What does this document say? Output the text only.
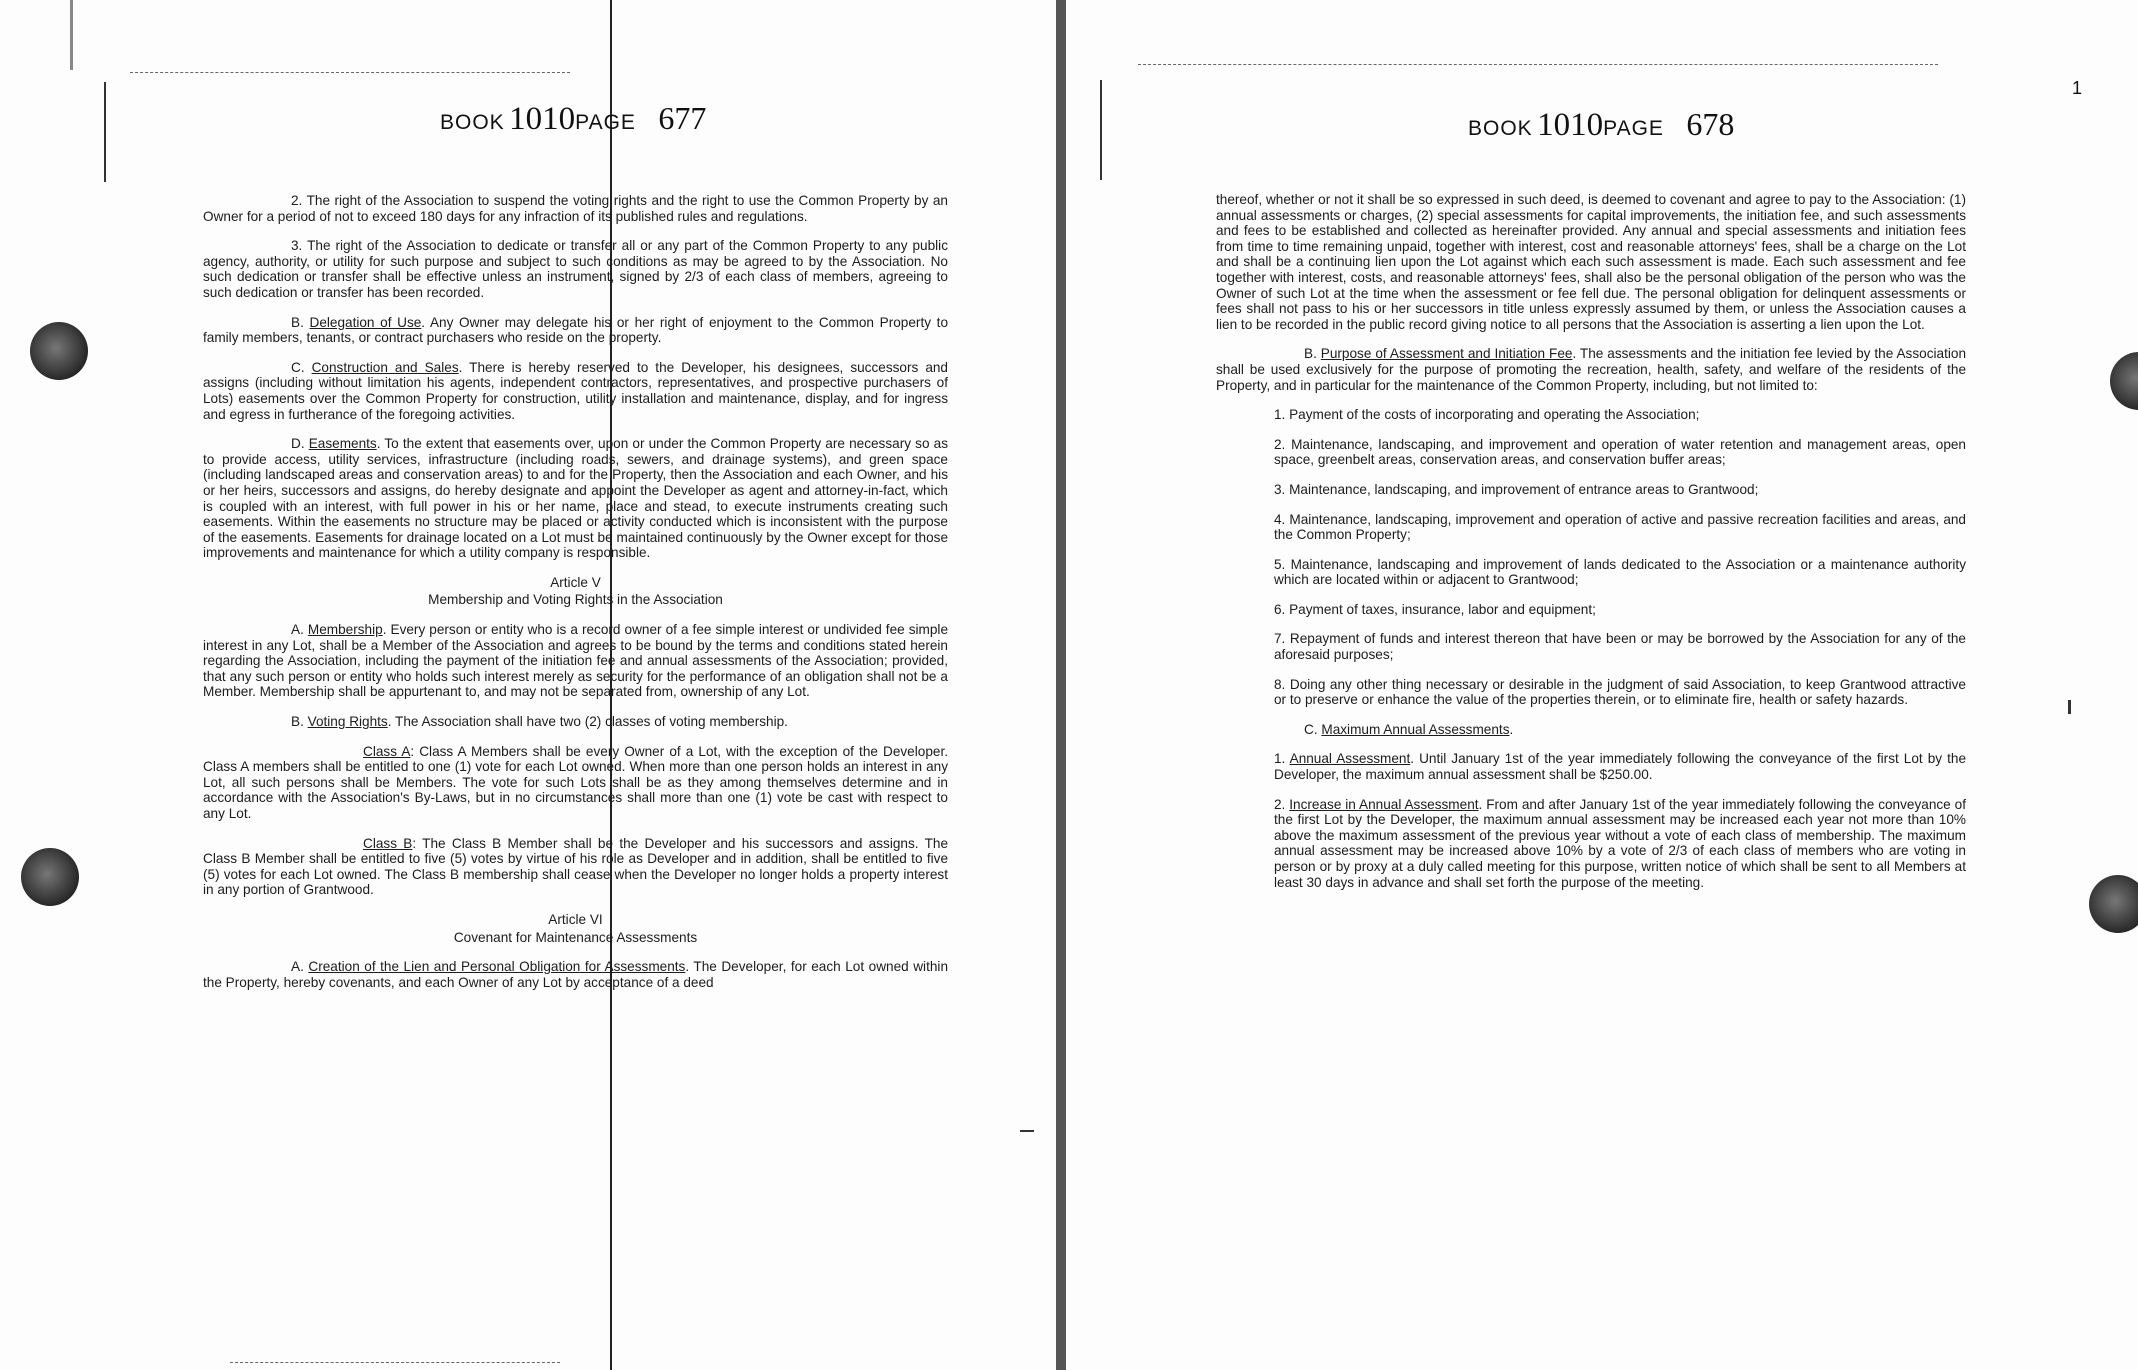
BOOK 1010PAGE 677

2. The right of the Association to suspend the voting rights and the right to use the Common Property by an Owner for a period of not to exceed 180 days for any infraction of its published rules and regulations.

3. The right of the Association to dedicate or transfer all or any part of the Common Property to any public agency, authority, or utility for such purpose and subject to such conditions as may be agreed to by the Association. No such dedication or transfer shall be effective unless an instrument, signed by 2/3 of each class of members, agreeing to such dedication or transfer has been recorded.

B. Delegation of Use. Any Owner may delegate his or her right of enjoyment to the Common Property to family members, tenants, or contract purchasers who reside on the property.

C. Construction and Sales. There is hereby reserved to the Developer, his designees, successors and assigns (including without limitation his agents, independent contractors, representatives, and prospective purchasers of Lots) easements over the Common Property for construction, utility installation and maintenance, display, and for ingress and egress in furtherance of the foregoing activities.

D. Easements. To the extent that easements over, upon or under the Common Property are necessary so as to provide access, utility services, infrastructure (including roads, sewers, and drainage systems), and green space (including landscaped areas and conservation areas) to and for the Property, then the Association and each Owner, and his or her heirs, successors and assigns, do hereby designate and appoint the Developer as agent and attorney-in-fact, which is coupled with an interest, with full power in his or her name, place and stead, to execute instruments creating such easements. Within the easements no structure may be placed or activity conducted which is inconsistent with the purpose of the easements. Easements for drainage located on a Lot must be maintained continuously by the Owner except for those improvements and maintenance for which a utility company is responsible.

Article V

Membership and Voting Rights in the Association

A. Membership. Every person or entity who is a record owner of a fee simple interest or undivided fee simple interest in any Lot, shall be a Member of the Association and agrees to be bound by the terms and conditions stated herein regarding the Association, including the payment of the initiation fee and annual assessments of the Association; provided, that any such person or entity who holds such interest merely as security for the performance of an obligation shall not be a Member. Membership shall be appurtenant to, and may not be separated from, ownership of any Lot.

B. Voting Rights. The Association shall have two (2) classes of voting membership.

Class A: Class A Members shall be every Owner of a Lot, with the exception of the Developer. Class A members shall be entitled to one (1) vote for each Lot owned. When more than one person holds an interest in any Lot, all such persons shall be Members. The vote for such Lots shall be as they among themselves determine and in accordance with the Association's By-Laws, but in no circumstances shall more than one (1) vote be cast with respect to any Lot.

Class B: The Class B Member shall be the Developer and his successors and assigns. The Class B Member shall be entitled to five (5) votes by virtue of his role as Developer and in addition, shall be entitled to five (5) votes for each Lot owned. The Class B membership shall cease when the Developer no longer holds a property interest in any portion of Grantwood.

Article VI

Covenant for Maintenance Assessments

A. Creation of the Lien and Personal Obligation for Assessments. The Developer, for each Lot owned within the Property, hereby covenants, and each Owner of any Lot by acceptance of a deed

BOOK 1010PAGE 678
1

thereof, whether or not it shall be so expressed in such deed, is deemed to covenant and agree to pay to the Association: (1) annual assessments or charges, (2) special assessments for capital improvements, the initiation fee, and such assessments and fees to be established and collected as hereinafter provided. Any annual and special assessments and initiation fees from time to time remaining unpaid, together with interest, cost and reasonable attorneys' fees, shall be a charge on the Lot and shall be a continuing lien upon the Lot against which each such assessment is made. Each such assessment and fee together with interest, costs, and reasonable attorneys' fees, shall also be the personal obligation of the person who was the Owner of such Lot at the time when the assessment or fee fell due. The personal obligation for delinquent assessments or fees shall not pass to his or her successors in title unless expressly assumed by them, or unless the Association causes a lien to be recorded in the public record giving notice to all persons that the Association is asserting a lien upon the Lot.

B. Purpose of Assessment and Initiation Fee. The assessments and the initiation fee levied by the Association shall be used exclusively for the purpose of promoting the recreation, health, safety, and welfare of the residents of the Property, and in particular for the maintenance of the Common Property, including, but not limited to:

1. Payment of the costs of incorporating and operating the Association;

2. Maintenance, landscaping, and improvement and operation of water retention and management areas, open space, greenbelt areas, conservation areas, and conservation buffer areas;

3. Maintenance, landscaping, and improvement of entrance areas to Grantwood;

4. Maintenance, landscaping, improvement and operation of active and passive recreation facilities and areas, and the Common Property;

5. Maintenance, landscaping and improvement of lands dedicated to the Association or a maintenance authority which are located within or adjacent to Grantwood;

6. Payment of taxes, insurance, labor and equipment;

7. Repayment of funds and interest thereon that have been or may be borrowed by the Association for any of the aforesaid purposes;

8. Doing any other thing necessary or desirable in the judgment of said Association, to keep Grantwood attractive or to preserve or enhance the value of the properties therein, or to eliminate fire, health or safety hazards.

C. Maximum Annual Assessments.

1. Annual Assessment. Until January 1st of the year immediately following the conveyance of the first Lot by the Developer, the maximum annual assessment shall be $250.00.

2. Increase in Annual Assessment. From and after January 1st of the year immediately following the conveyance of the first Lot by the Developer, the maximum annual assessment may be increased each year not more than 10% above the maximum assessment of the previous year without a vote of each class of membership. The maximum annual assessment may be increased above 10% by a vote of 2/3 of each class of members who are voting in person or by proxy at a duly called meeting for this purpose, written notice of which shall be sent to all Members at least 30 days in advance and shall set forth the purpose of the meeting.
